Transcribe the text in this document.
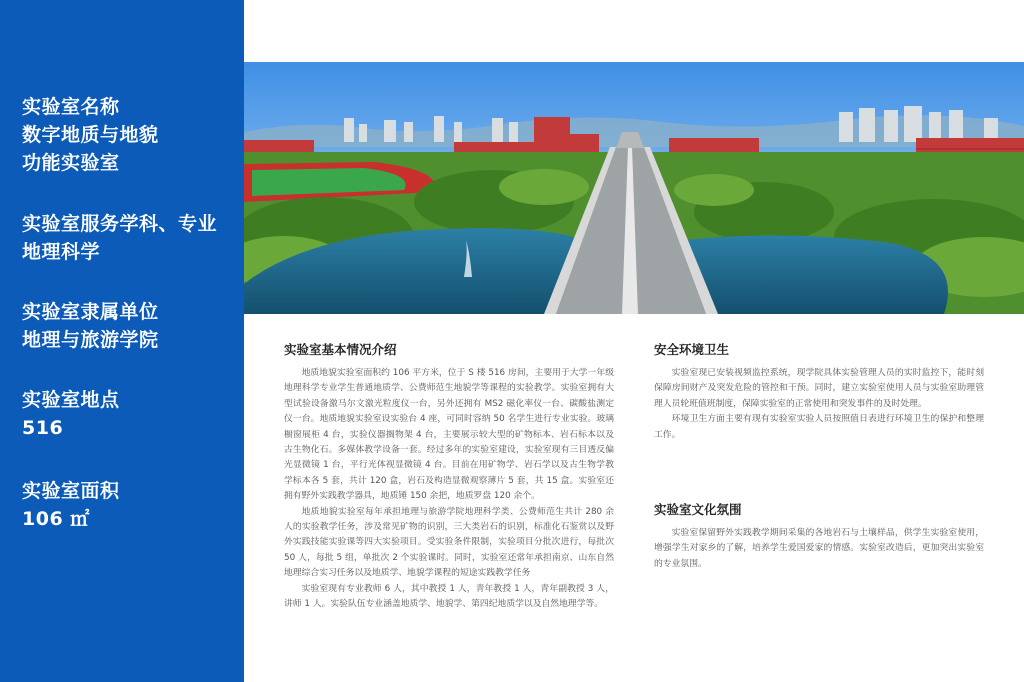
实验室名称
数字地质与地貌
功能实验室
实验室服务学科、专业
地理科学
实验室隶属单位
地理与旅游学院
实验室地点
516
实验室面积
106 ㎡
实验室基本情况介绍

地质地貌实验室面积约 106 平方米，位于 S 楼 516 房间，主要用于大学一年级地理科学专业学生普通地质学、公费师范生地貌学等课程的实验教学。实验室拥有大型试验设备激马尔文激光粒度仪一台，另外还拥有 MS2 磁化率仪一台、碳酸盐测定仪一台。地质地貌实验室设实验台 4 座，可同时容纳 50 名学生进行专业实验。玻璃橱窗展柜 4 台，实验仪器搁物架 4 台，主要展示较大型的矿物标本、岩石标本以及古生物化石。多媒体教学设备一套。经过多年的实验室建设，实验室现有三目透反偏光显微镜 1 台，平行光体视显微镜 4 台。目前在用矿物学、岩石学以及古生物学教学标本各 5 套，共计 120 盒，岩石及构造显微观察薄片 5 套，共 15 盒。实验室还拥有野外实践教学器具，地质锤 150 余把，地质罗盘 120 余个。

地质地貌实验室每年承担地理与旅游学院地理科学类、公费师范生共计 280 余人的实验教学任务，涉及常见矿物的识别，三大类岩石的识别，标准化石鉴赏以及野外实践技能实验课等四大实验项目。受实验条件限制，实验项目分批次进行，每批次 50 人，每批 5 组，单批次 2 个实验课时。同时，实验室还常年承担南京、山东自然地理综合实习任务以及地质学、地貌学课程的短途实践教学任务

实验室现有专业教师 6 人，其中教授 1 人，青年教授 1 人，青年副教授 3 人，讲师 1 人。实验队伍专业涵盖地质学、地貌学、第四纪地质学以及自然地理学等。

安全环境卫生

实验室现已安装视频监控系统，现学院具体实验管理人员的实时监控下，能时刻保障房间财产及突发危险的管控和干预。同时，建立实验室使用人员与实验室助理管理人员轮班值班制度，保障实验室的正常使用和突发事件的及时处理。

环境卫生方面主要有现有实验室实验人员按照值日表进行环境卫生的保护和整理工作。

实验室文化氛围

实验室保留野外实践教学期间采集的各地岩石与土壤样品，供学生实验室使用，增强学生对家乡的了解，培养学生爱国爱家的情感。实验室改造后，更加突出实验室的专业氛围。
